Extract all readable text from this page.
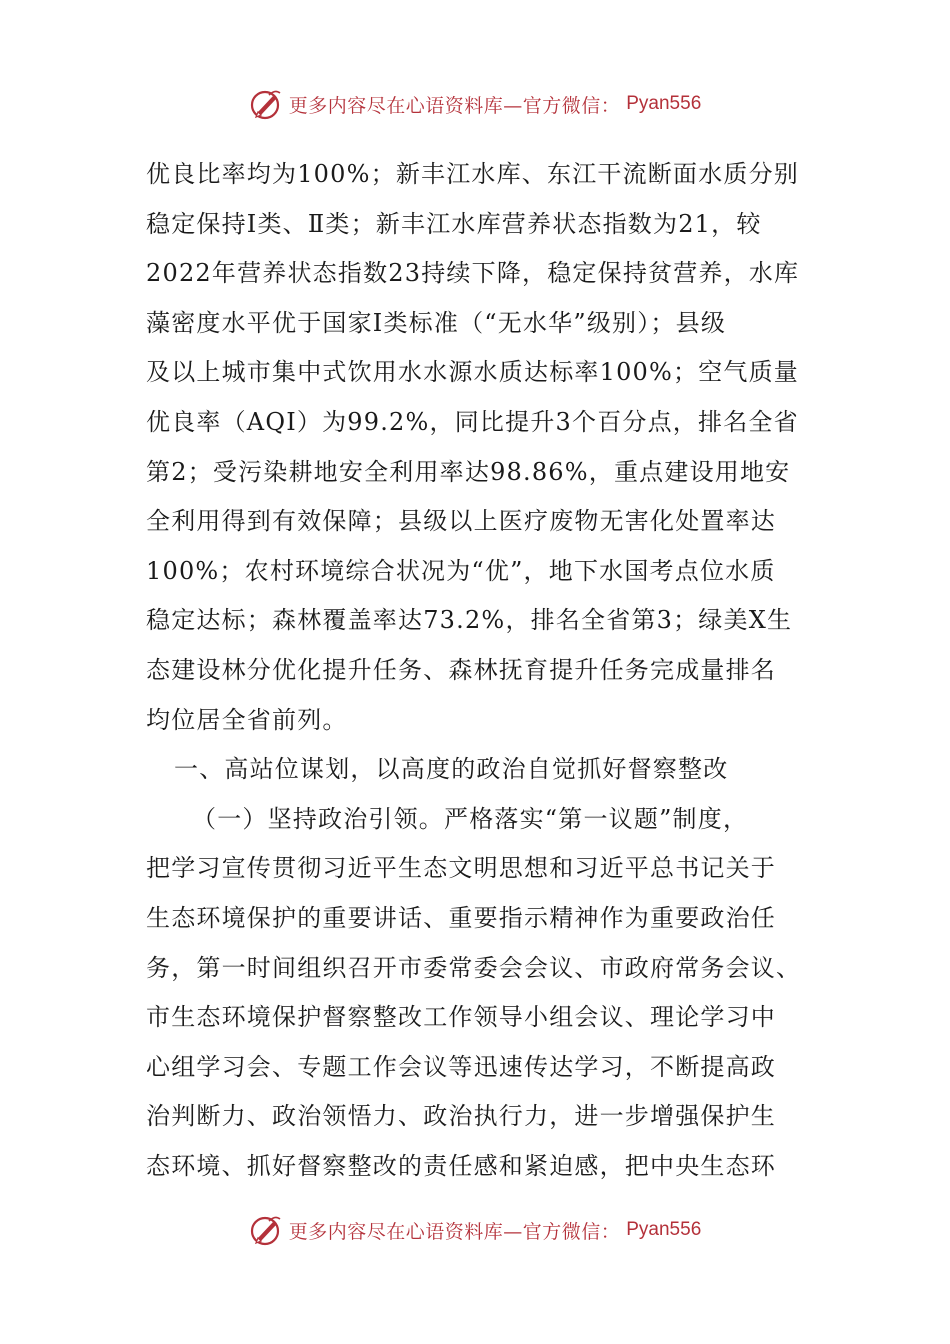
更多内容尽在心语资料库—官方微信： Pyan556
优良比率均为100%；新丰江水库、东江干流断面水质分别
稳定保持Ⅰ类、Ⅱ类；新丰江水库营养状态指数为21，较
2022年营养状态指数23持续下降，稳定保持贫营养，水库
藻密度水平优于国家Ⅰ类标准（“无水华”级别）；县级
及以上城市集中式饮用水水源水质达标率100%；空气质量
优良率（AQI）为99.2%，同比提升3个百分点，排名全省
第2；受污染耕地安全利用率达98.86%，重点建设用地安
全利用得到有效保障；县级以上医疗废物无害化处置率达
100%；农村环境综合状况为“优”，地下水国考点位水质
稳定达标；森林覆盖率达73.2%，排名全省第3；绿美X生
态建设林分优化提升任务、森林抚育提升任务完成量排名
均位居全省前列。
一、高站位谋划，以高度的政治自觉抓好督察整改
（一）坚持政治引领。严格落实“第一议题”制度，
把学习宣传贯彻习近平生态文明思想和习近平总书记关于
生态环境保护的重要讲话、重要指示精神作为重要政治任
务，第一时间组织召开市委常委会会议、市政府常务会议、
市生态环境保护督察整改工作领导小组会议、理论学习中
心组学习会、专题工作会议等迅速传达学习，不断提高政
治判断力、政治领悟力、政治执行力，进一步增强保护生
态环境、抓好督察整改的责任感和紧迫感，把中央生态环
更多内容尽在心语资料库—官方微信： Pyan556
